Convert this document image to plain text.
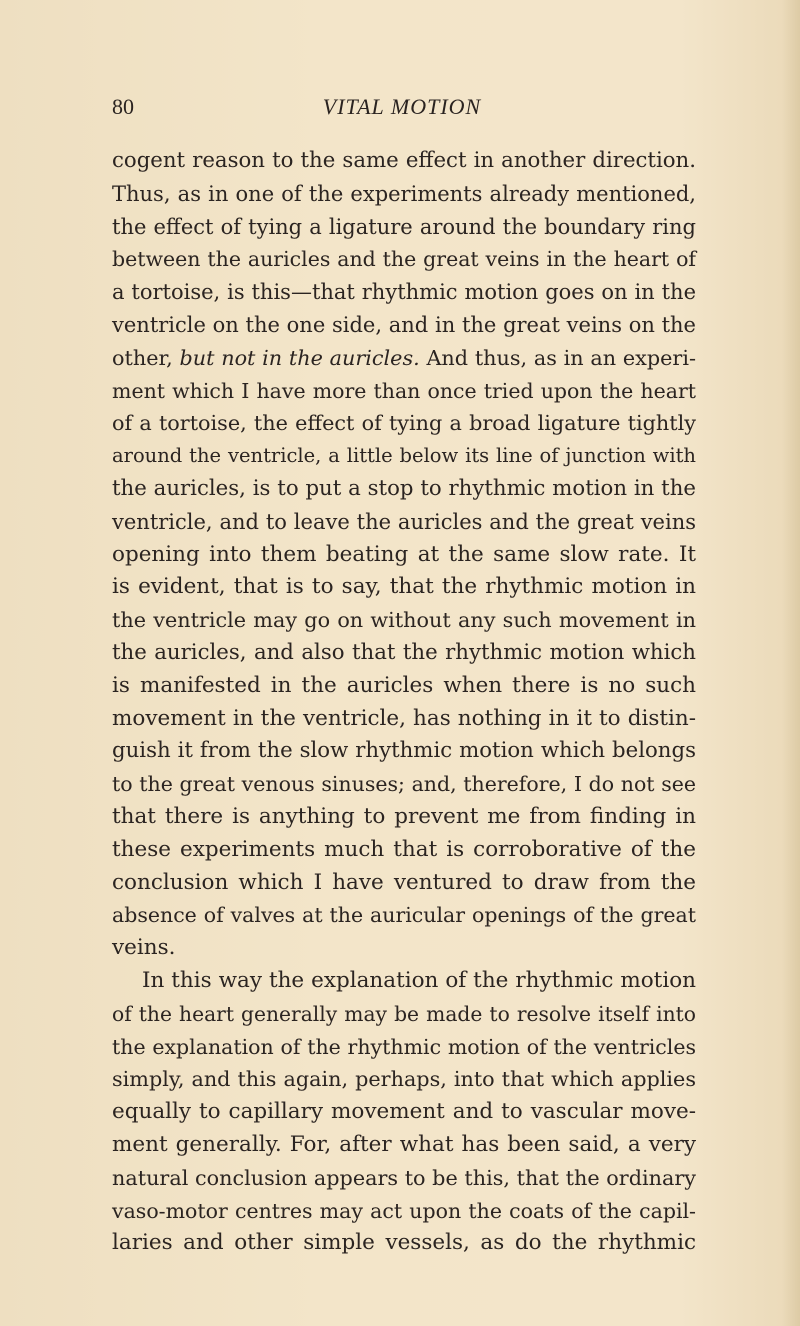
80	VITAL MOTION
cogent reason to the same effect in another direction.
Thus, as in one of the experiments already mentioned,
the effect of tying a ligature around the boundary ring
between the auricles and the great veins in the heart of
a tortoise, is this—that rhythmic motion goes on in the
ventricle on the one side, and in the great veins on the
other, but not in the auricles. And thus, as in an experi-
ment which I have more than once tried upon the heart
of a tortoise, the effect of tying a broad ligature tightly
around the ventricle, a little below its line of junction with
the auricles, is to put a stop to rhythmic motion in the
ventricle, and to leave the auricles and the great veins
opening into them beating at the same slow rate. It
is evident, that is to say, that the rhythmic motion in
the ventricle may go on without any such movement in
the auricles, and also that the rhythmic motion which
is manifested in the auricles when there is no such
movement in the ventricle, has nothing in it to distin-
guish it from the slow rhythmic motion which belongs
to the great venous sinuses; and, therefore, I do not see
that there is anything to prevent me from finding in
these experiments much that is corroborative of the
conclusion which I have ventured to draw from the
absence of valves at the auricular openings of the great
veins.
In this way the explanation of the rhythmic motion
of the heart generally may be made to resolve itself into
the explanation of the rhythmic motion of the ventricles
simply, and this again, perhaps, into that which applies
equally to capillary movement and to vascular move-
ment generally. For, after what has been said, a very
natural conclusion appears to be this, that the ordinary
vaso-motor centres may act upon the coats of the capil-
laries and other simple vessels, as do the rhythmic
